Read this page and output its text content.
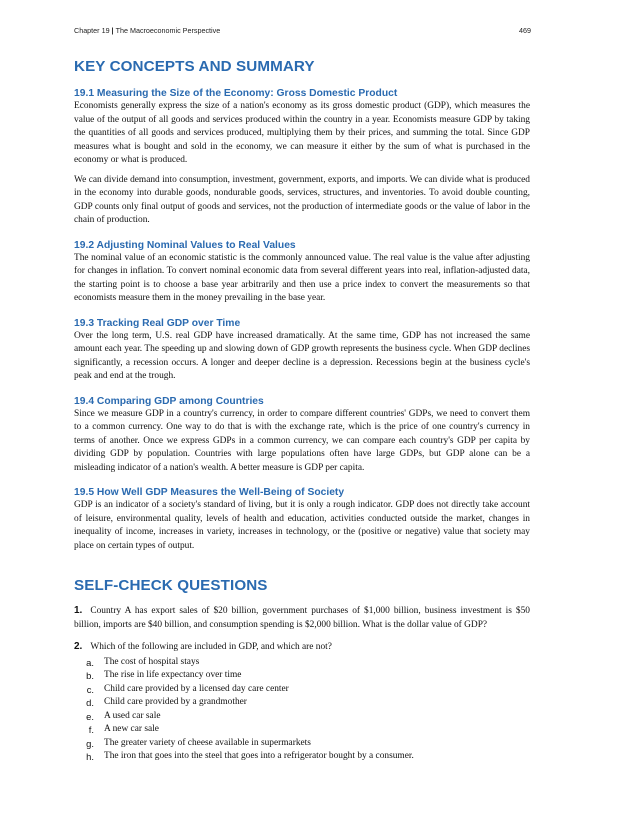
Chapter 19 | The Macroeconomic Perspective	469
KEY CONCEPTS AND SUMMARY
19.1 Measuring the Size of the Economy: Gross Domestic Product

Economists generally express the size of a nation's economy as its gross domestic product (GDP), which measures the value of the output of all goods and services produced within the country in a year. Economists measure GDP by taking the quantities of all goods and services produced, multiplying them by their prices, and summing the total. Since GDP measures what is bought and sold in the economy, we can measure it either by the sum of what is purchased in the economy or what is produced.

We can divide demand into consumption, investment, government, exports, and imports. We can divide what is produced in the economy into durable goods, nondurable goods, services, structures, and inventories. To avoid double counting, GDP counts only final output of goods and services, not the production of intermediate goods or the value of labor in the chain of production.

19.2 Adjusting Nominal Values to Real Values

The nominal value of an economic statistic is the commonly announced value. The real value is the value after adjusting for changes in inflation. To convert nominal economic data from several different years into real, inflation-adjusted data, the starting point is to choose a base year arbitrarily and then use a price index to convert the measurements so that economists measure them in the money prevailing in the base year.

19.3 Tracking Real GDP over Time

Over the long term, U.S. real GDP have increased dramatically. At the same time, GDP has not increased the same amount each year. The speeding up and slowing down of GDP growth represents the business cycle. When GDP declines significantly, a recession occurs. A longer and deeper decline is a depression. Recessions begin at the business cycle's peak and end at the trough.

19.4 Comparing GDP among Countries

Since we measure GDP in a country's currency, in order to compare different countries' GDPs, we need to convert them to a common currency. One way to do that is with the exchange rate, which is the price of one country's currency in terms of another. Once we express GDPs in a common currency, we can compare each country's GDP per capita by dividing GDP by population. Countries with large populations often have large GDPs, but GDP alone can be a misleading indicator of a nation's wealth. A better measure is GDP per capita.

19.5 How Well GDP Measures the Well-Being of Society

GDP is an indicator of a society's standard of living, but it is only a rough indicator. GDP does not directly take account of leisure, environmental quality, levels of health and education, activities conducted outside the market, changes in inequality of income, increases in variety, increases in technology, or the (positive or negative) value that society may place on certain types of output.

SELF-CHECK QUESTIONS

1. Country A has export sales of $20 billion, government purchases of $1,000 billion, business investment is $50 billion, imports are $40 billion, and consumption spending is $2,000 billion. What is the dollar value of GDP?

2. Which of the following are included in GDP, and which are not?

a.	The cost of hospital stays
b.	The rise in life expectancy over time
c.	Child care provided by a licensed day care center
d.	Child care provided by a grandmother
e.	A used car sale
f.	A new car sale
g.	The greater variety of cheese available in supermarkets
h.	The iron that goes into the steel that goes into a refrigerator bought by a consumer.
